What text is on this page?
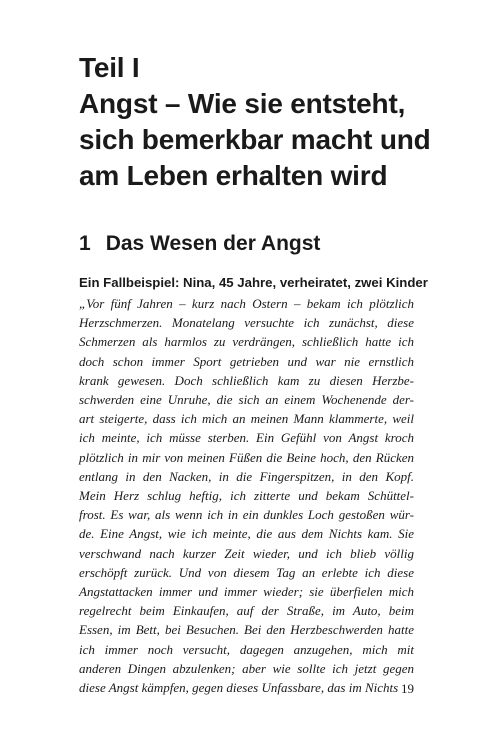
Teil I
Angst – Wie sie entsteht,
sich bemerkbar macht und
am Leben erhalten wird
1 Das Wesen der Angst

Ein Fallbeispiel: Nina, 45 Jahre, verheiratet, zwei Kinder

„Vor fünf Jahren – kurz nach Ostern – bekam ich plötzlich
Herzschmerzen. Monatelang versuchte ich zunächst, diese
Schmerzen als harmlos zu verdrängen, schließlich hatte ich
doch schon immer Sport getrieben und war nie ernstlich
krank gewesen. Doch schließlich kam zu diesen Herzbe-
schwerden eine Unruhe, die sich an einem Wochenende der-
art steigerte, dass ich mich an meinen Mann klammerte, weil
ich meinte, ich müsse sterben. Ein Gefühl von Angst kroch
plötzlich in mir von meinen Füßen die Beine hoch, den Rücken
entlang in den Nacken, in die Fingerspitzen, in den Kopf.
Mein Herz schlug heftig, ich zitterte und bekam Schüttel-
frost. Es war, als wenn ich in ein dunkles Loch gestoßen wür-
de. Eine Angst, wie ich meinte, die aus dem Nichts kam. Sie
verschwand nach kurzer Zeit wieder, und ich blieb völlig
erschöpft zurück. Und von diesem Tag an erlebte ich diese
Angstattacken immer und immer wieder; sie überfielen mich
regelrecht beim Einkaufen, auf der Straße, im Auto, beim
Essen, im Bett, bei Besuchen. Bei den Herzbeschwerden hatte
ich immer noch versucht, dagegen anzugehen, mich mit
anderen Dingen abzulenken; aber wie sollte ich jetzt gegen
diese Angst kämpfen, gegen dieses Unfassbare, das im Nichts 19
